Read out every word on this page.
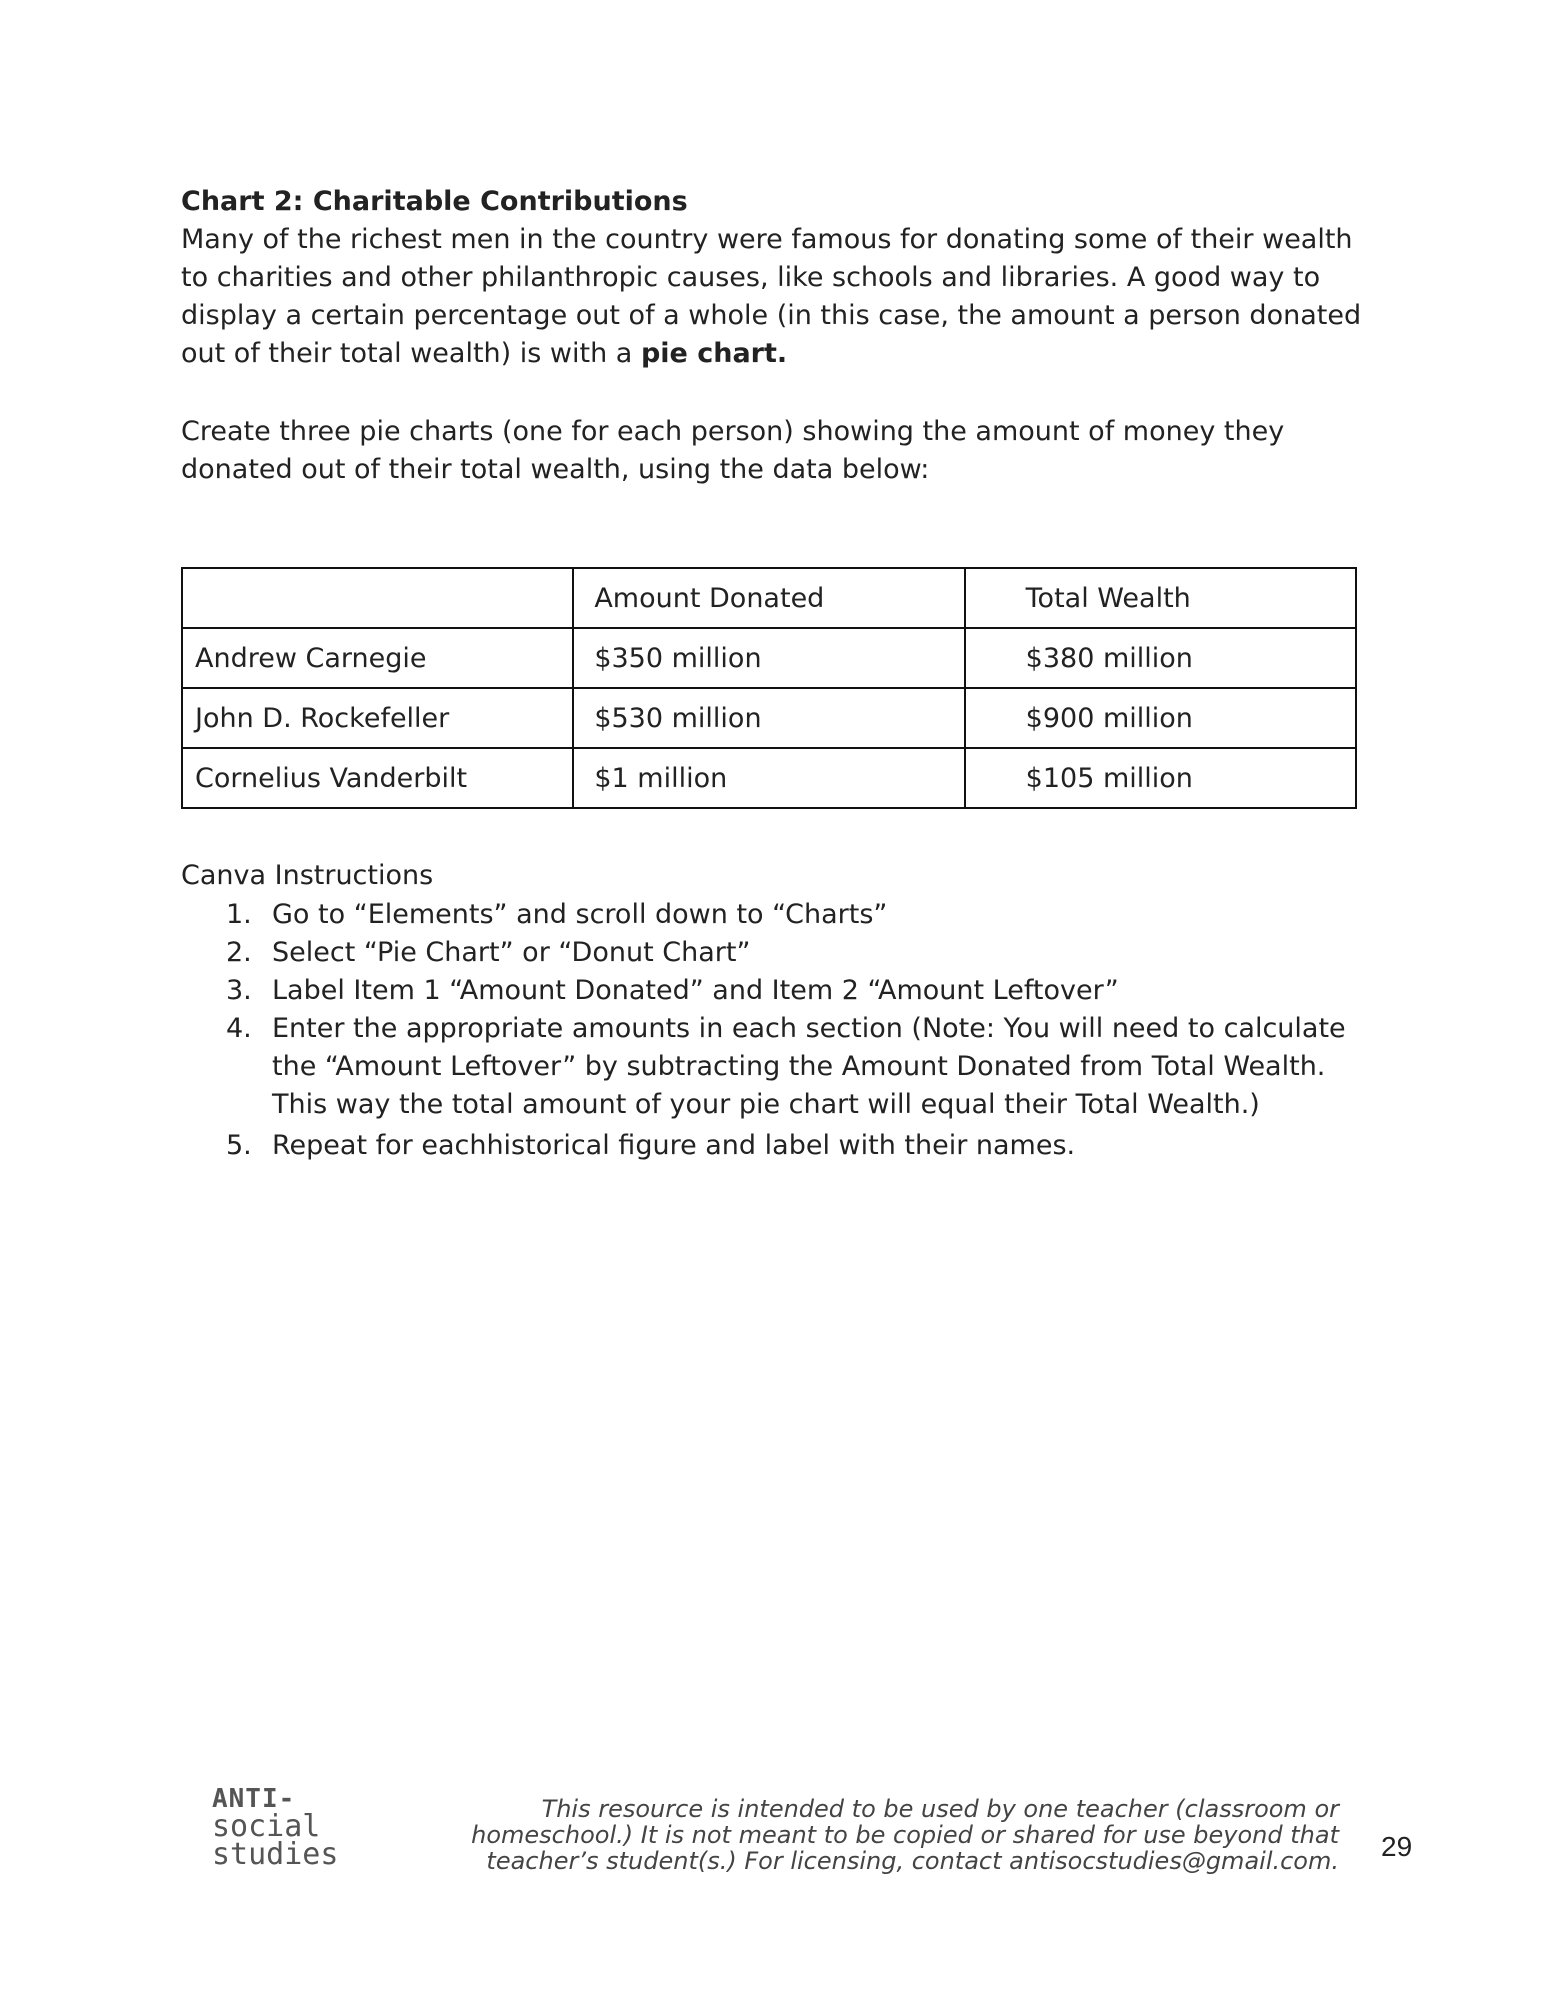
Chart 2: Charitable Contributions
Many of the richest men in the country were famous for donating some of their wealth to charities and other philanthropic causes, like schools and libraries. A good way to display a certain percentage out of a whole (in this case, the amount a person donated out of their total wealth) is with a pie chart.
Create three pie charts (one for each person) showing the amount of money they donated out of their total wealth, using the data below:
	Amount Donated	Total Wealth
Andrew Carnegie	$350 million	$380 million
John D. Rockefeller	$530 million	$900 million
Cornelius Vanderbilt	$1 million	$105 million
Canva Instructions
1. Go to “Elements” and scroll down to “Charts”
2. Select “Pie Chart” or “Donut Chart”
3. Label Item 1 “Amount Donated” and Item 2 “Amount Leftover”
4. Enter the appropriate amounts in each section (Note: You will need to calculate the “Amount Leftover” by subtracting the Amount Donated from Total Wealth. This way the total amount of your pie chart will equal their Total Wealth.)
5. Repeat for eachhistorical figure and label with their names.
ANTI-
social
studies
This resource is intended to be used by one teacher (classroom or homeschool.) It is not meant to be copied or shared for use beyond that teacher’s student(s.) For licensing, contact antisocstudies@gmail.com. 29
